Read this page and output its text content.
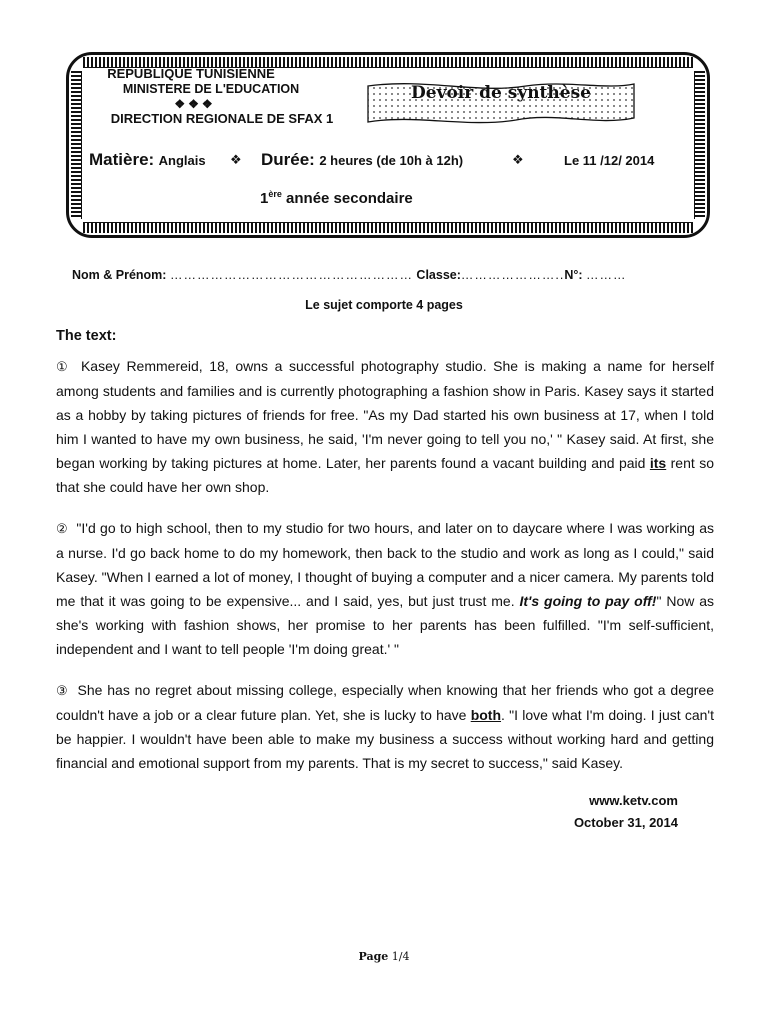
REPUBLIQUE TUNISIENNE
MINISTERE DE L'EDUCATION
❖❖❖
DIRECTION REGIONALE DE SFAX 1
Devoir de synthèse
Matière: Anglais ❖ Durée: 2 heures (de 10h à 12h)	❖	Le 11 /12/ 2014
1ère année secondaire
Nom & Prénom: ……………………………………………… Classe:…………………..N°: ………
Le sujet comporte 4 pages
The text:
① Kasey Remmereid, 18, owns a successful photography studio. She is making a name for herself among students and families and is currently photographing a fashion show in Paris. Kasey says it started as a hobby by taking pictures of friends for free. "As my Dad started his own business at 17, when I told him I wanted to have my own business, he said, 'I'm never going to tell you no,' " Kasey said. At first, she began working by taking pictures at home. Later, her parents found a vacant building and paid its rent so that she could have her own shop.
② "I'd go to high school, then to my studio for two hours, and later on to daycare where I was working as a nurse. I'd go back home to do my homework, then back to the studio and work as long as I could," said Kasey. "When I earned a lot of money, I thought of buying a computer and a nicer camera. My parents told me that it was going to be expensive... and I said, yes, but just trust me. It's going to pay off!" Now as she's working with fashion shows, her promise to her parents has been fulfilled. "I'm self-sufficient, independent and I want to tell people 'I'm doing great.' "
③ She has no regret about missing college, especially when knowing that her friends who got a degree couldn't have a job or a clear future plan. Yet, she is lucky to have both. "I love what I'm doing. I just can't be happier. I wouldn't have been able to make my business a success without working hard and getting financial and emotional support from my parents. That is my secret to success," said Kasey.
www.ketv.com
October 31, 2014
Page 1/4
